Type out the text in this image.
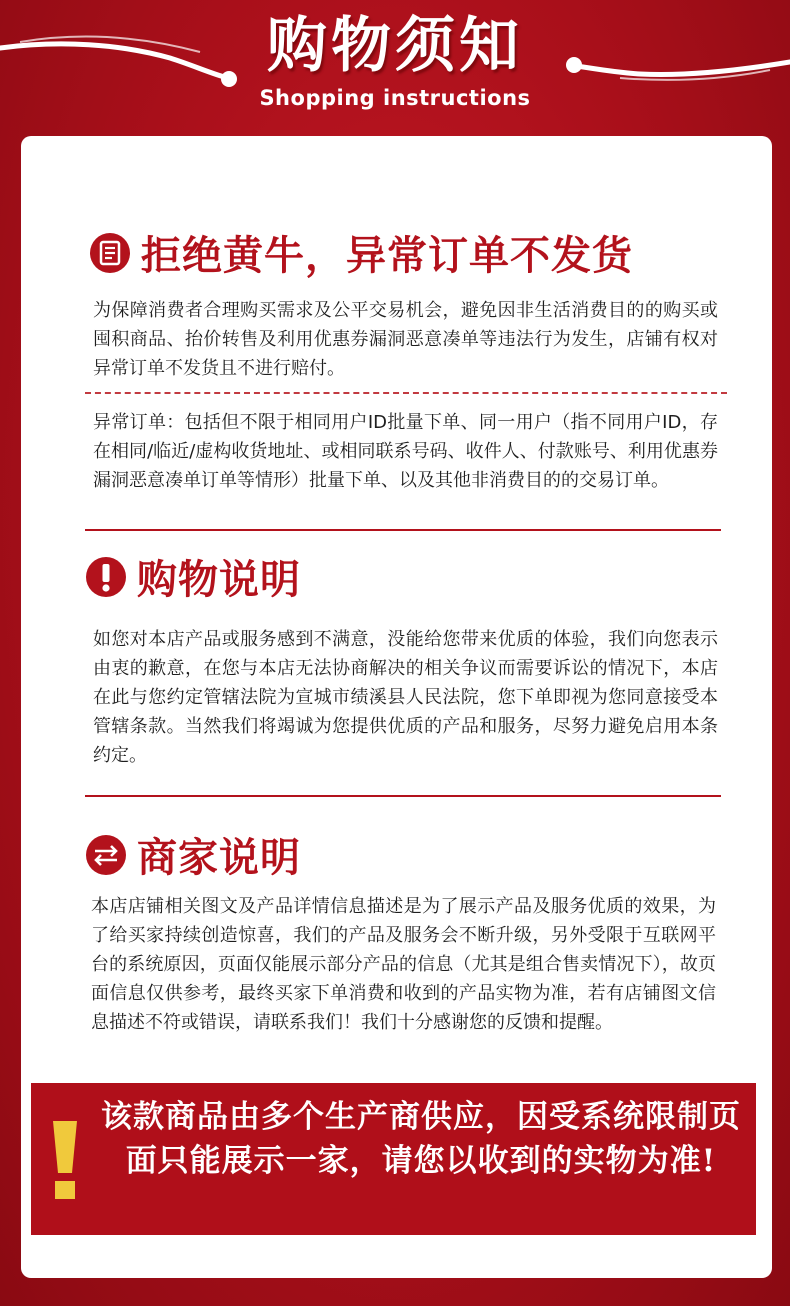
购物须知
Shopping instructions
拒绝黄牛，异常订单不发货

为保障消费者合理购买需求及公平交易机会，避免因非生活消费目的的购买或囤积商品、抬价转售及利用优惠券漏洞恶意凑单等违法行为发生，店铺有权对异常订单不发货且不进行赔付。

异常订单：包括但不限于相同用户ID批量下单、同一用户（指不同用户ID，存在相同/临近/虚构收货地址、或相同联系号码、收件人、付款账号、利用优惠券漏洞恶意凑单订单等情形）批量下单、以及其他非消费目的的交易订单。

购物说明

如您对本店产品或服务感到不满意，没能给您带来优质的体验，我们向您表示由衷的歉意，在您与本店无法协商解决的相关争议而需要诉讼的情况下，本店在此与您约定管辖法院为宣城市绩溪县人民法院，您下单即视为您同意接受本管辖条款。当然我们将竭诚为您提供优质的产品和服务，尽努力避免启用本条约定。

商家说明

本店店铺相关图文及产品详情信息描述是为了展示产品及服务优质的效果，为了给买家持续创造惊喜，我们的产品及服务会不断升级，另外受限于互联网平台的系统原因，页面仅能展示部分产品的信息（尤其是组合售卖情况下），故页面信息仅供参考，最终买家下单消费和收到的产品实物为准，若有店铺图文信息描述不符或错误，请联系我们！我们十分感谢您的反馈和提醒。

该款商品由多个生产商供应，因受系统限制页面只能展示一家，请您以收到的实物为准!
